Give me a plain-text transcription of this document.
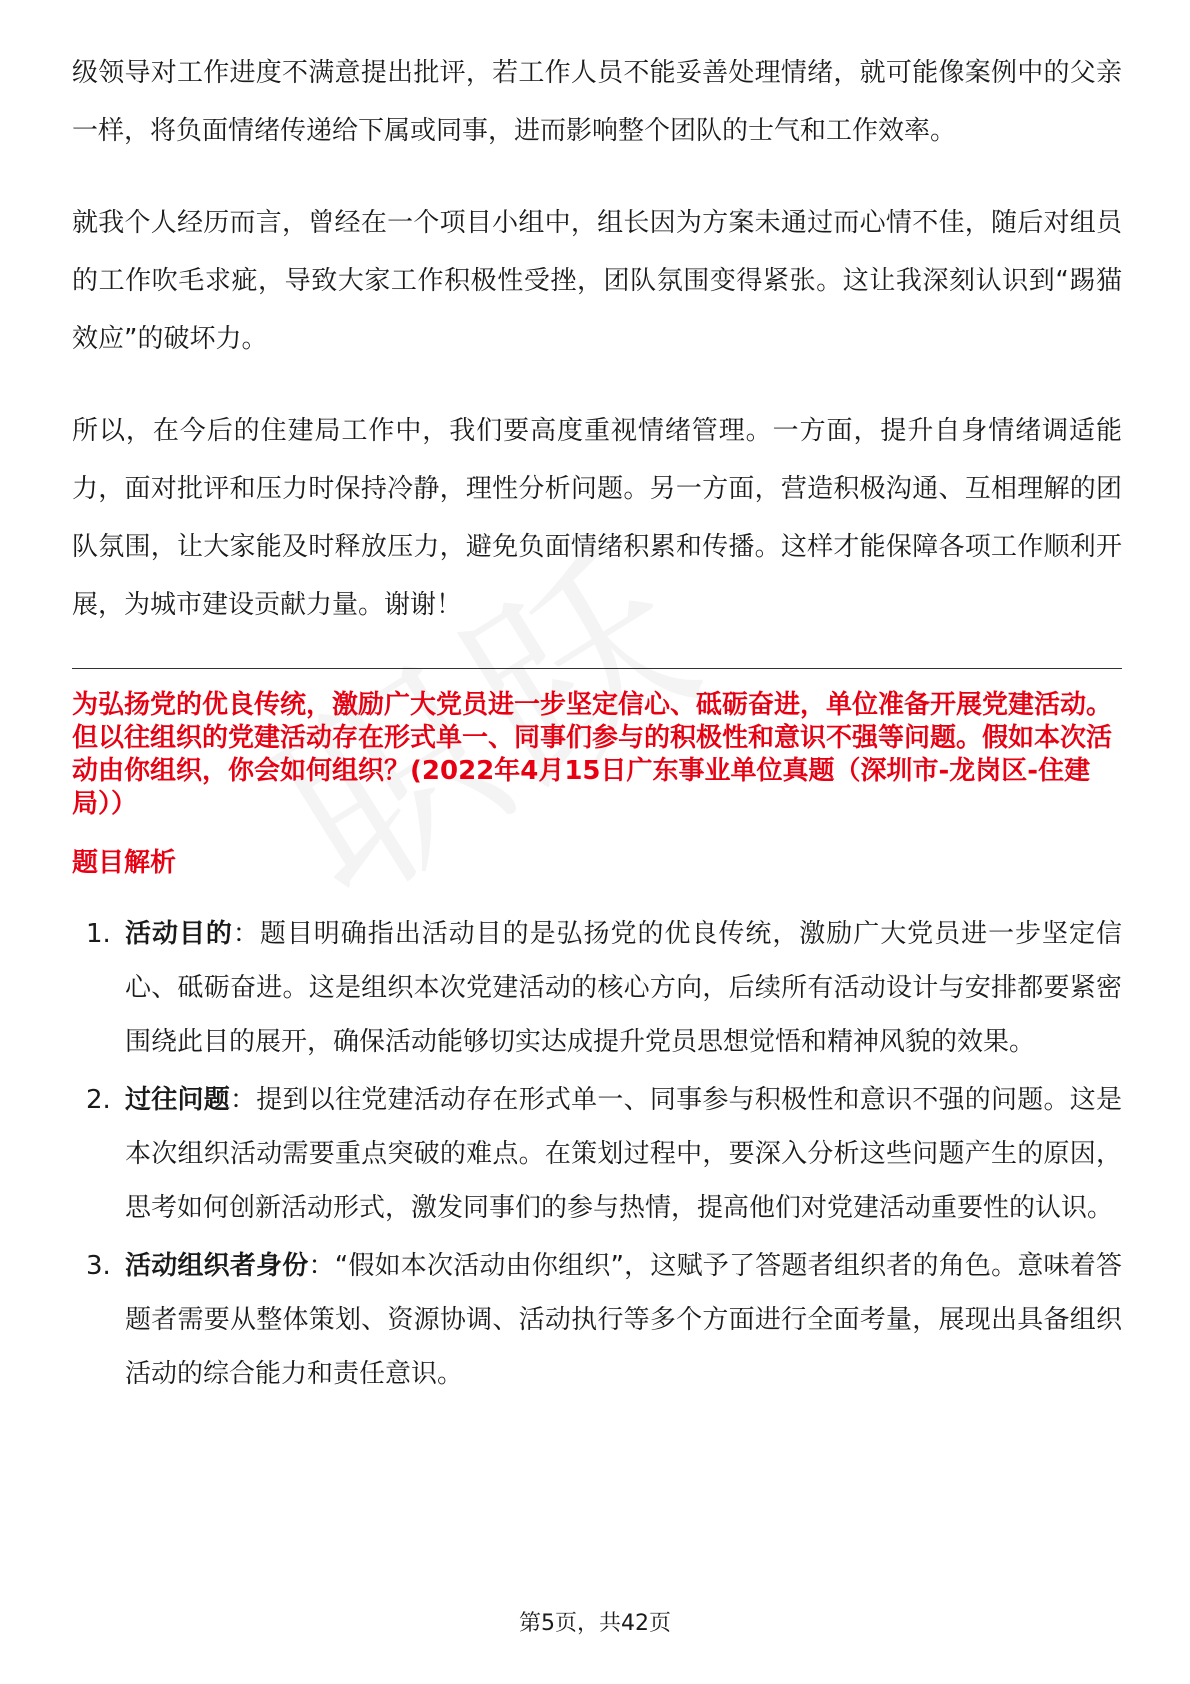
级领导对工作进度不满意提出批评，若工作人员不能妥善处理情绪，就可能像案例中的父亲一样，将负面情绪传递给下属或同事，进而影响整个团队的士气和工作效率。

就我个人经历而言，曾经在一个项目小组中，组长因为方案未通过而心情不佳，随后对组员的工作吹毛求疵，导致大家工作积极性受挫，团队氛围变得紧张。这让我深刻认识到“踢猫效应”的破坏力。

所以，在今后的住建局工作中，我们要高度重视情绪管理。一方面，提升自身情绪调适能力，面对批评和压力时保持冷静，理性分析问题。另一方面，营造积极沟通、互相理解的团队氛围，让大家能及时释放压力，避免负面情绪积累和传播。这样才能保障各项工作顺利开展，为城市建设贡献力量。谢谢！

为弘扬党的优良传统，激励广大党员进一步坚定信心、砥砺奋进，单位准备开展党建活动。但以往组织的党建活动存在形式单一、同事们参与的积极性和意识不强等问题。假如本次活动由你组织，你会如何组织？(2022年4月15日广东事业单位真题（深圳市-龙岗区-住建局））

题目解析
1. 活动目的：题目明确指出活动目的是弘扬党的优良传统，激励广大党员进一步坚定信心、砥砺奋进。这是组织本次党建活动的核心方向，后续所有活动设计与安排都要紧密围绕此目的展开，确保活动能够切实达成提升党员思想觉悟和精神风貌的效果。
2. 过往问题：提到以往党建活动存在形式单一、同事参与积极性和意识不强的问题。这是本次组织活动需要重点突破的难点。在策划过程中，要深入分析这些问题产生的原因，思考如何创新活动形式，激发同事们的参与热情，提高他们对党建活动重要性的认识。
3. 活动组织者身份：“假如本次活动由你组织”，这赋予了答题者组织者的角色。意味着答题者需要从整体策划、资源协调、活动执行等多个方面进行全面考量，展现出具备组织活动的综合能力和责任意识。
第5页，共42页
